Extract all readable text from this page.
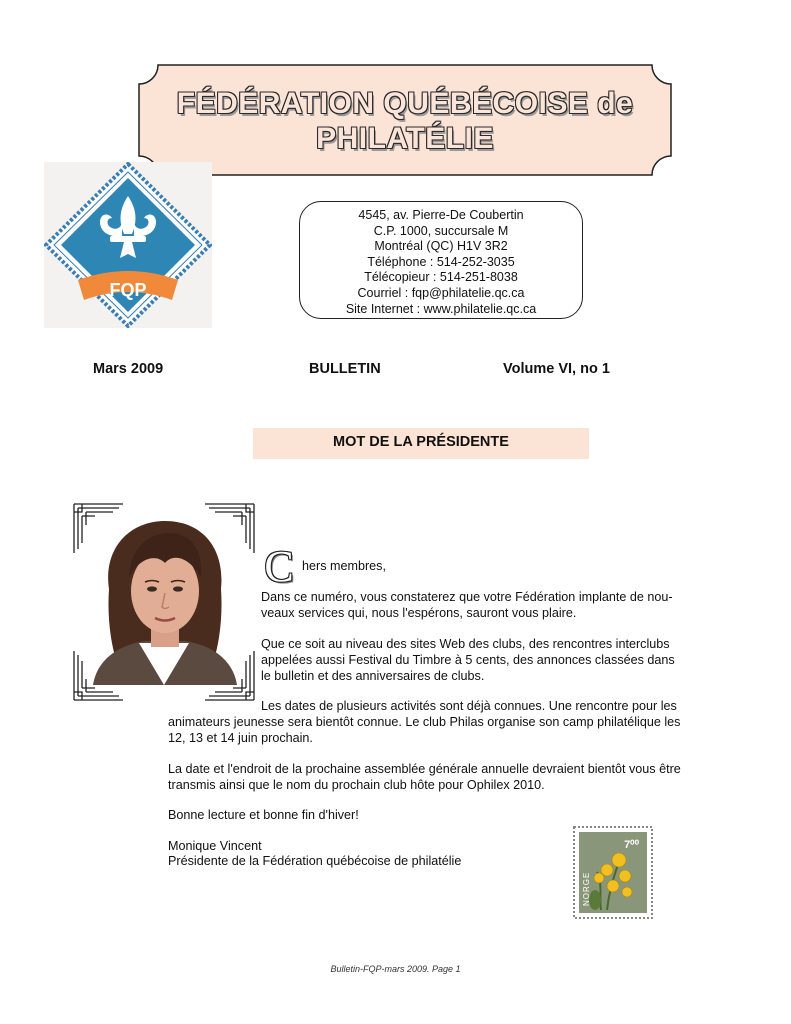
FÉDÉRATION QUÉBÉCOISE de
PHILATÉLIE
FQP
4545, av. Pierre-De Coubertin
C.P. 1000, succursale M
Montréal (QC) H1V 3R2
Téléphone : 514-252-3035
Télécopieur : 514-251-8038
Courriel : fqp@philatelie.qc.ca
Site Internet : www.philatelie.qc.ca
Mars 2009	BULLETIN	Volume VI, no 1
MOT DE LA PRÉSIDENTE
C hers membres,
Dans ce numéro, vous constaterez que votre Fédération implante de nou-
veaux services qui, nous l'espérons, sauront vous plaire.
Que ce soit au niveau des sites Web des clubs, des rencontres interclubs
appelées aussi Festival du Timbre à 5 cents, des annonces classées dans
le bulletin et des anniversaires de clubs.
Les dates de plusieurs activités sont déjà connues. Une rencontre pour les
animateurs jeunesse sera bientôt connue. Le club Philas organise son camp philatélique les
12, 13 et 14 juin prochain.
La date et l'endroit de la prochaine assemblée générale annuelle devraient bientôt vous être
transmis ainsi que le nom du prochain club hôte pour Ophilex 2010.
Bonne lecture et bonne fin d'hiver!
Monique Vincent
Présidente de la Fédération québécoise de philatélie
7⁰⁰
NORGE
Bulletin-FQP-mars 2009. Page 1
